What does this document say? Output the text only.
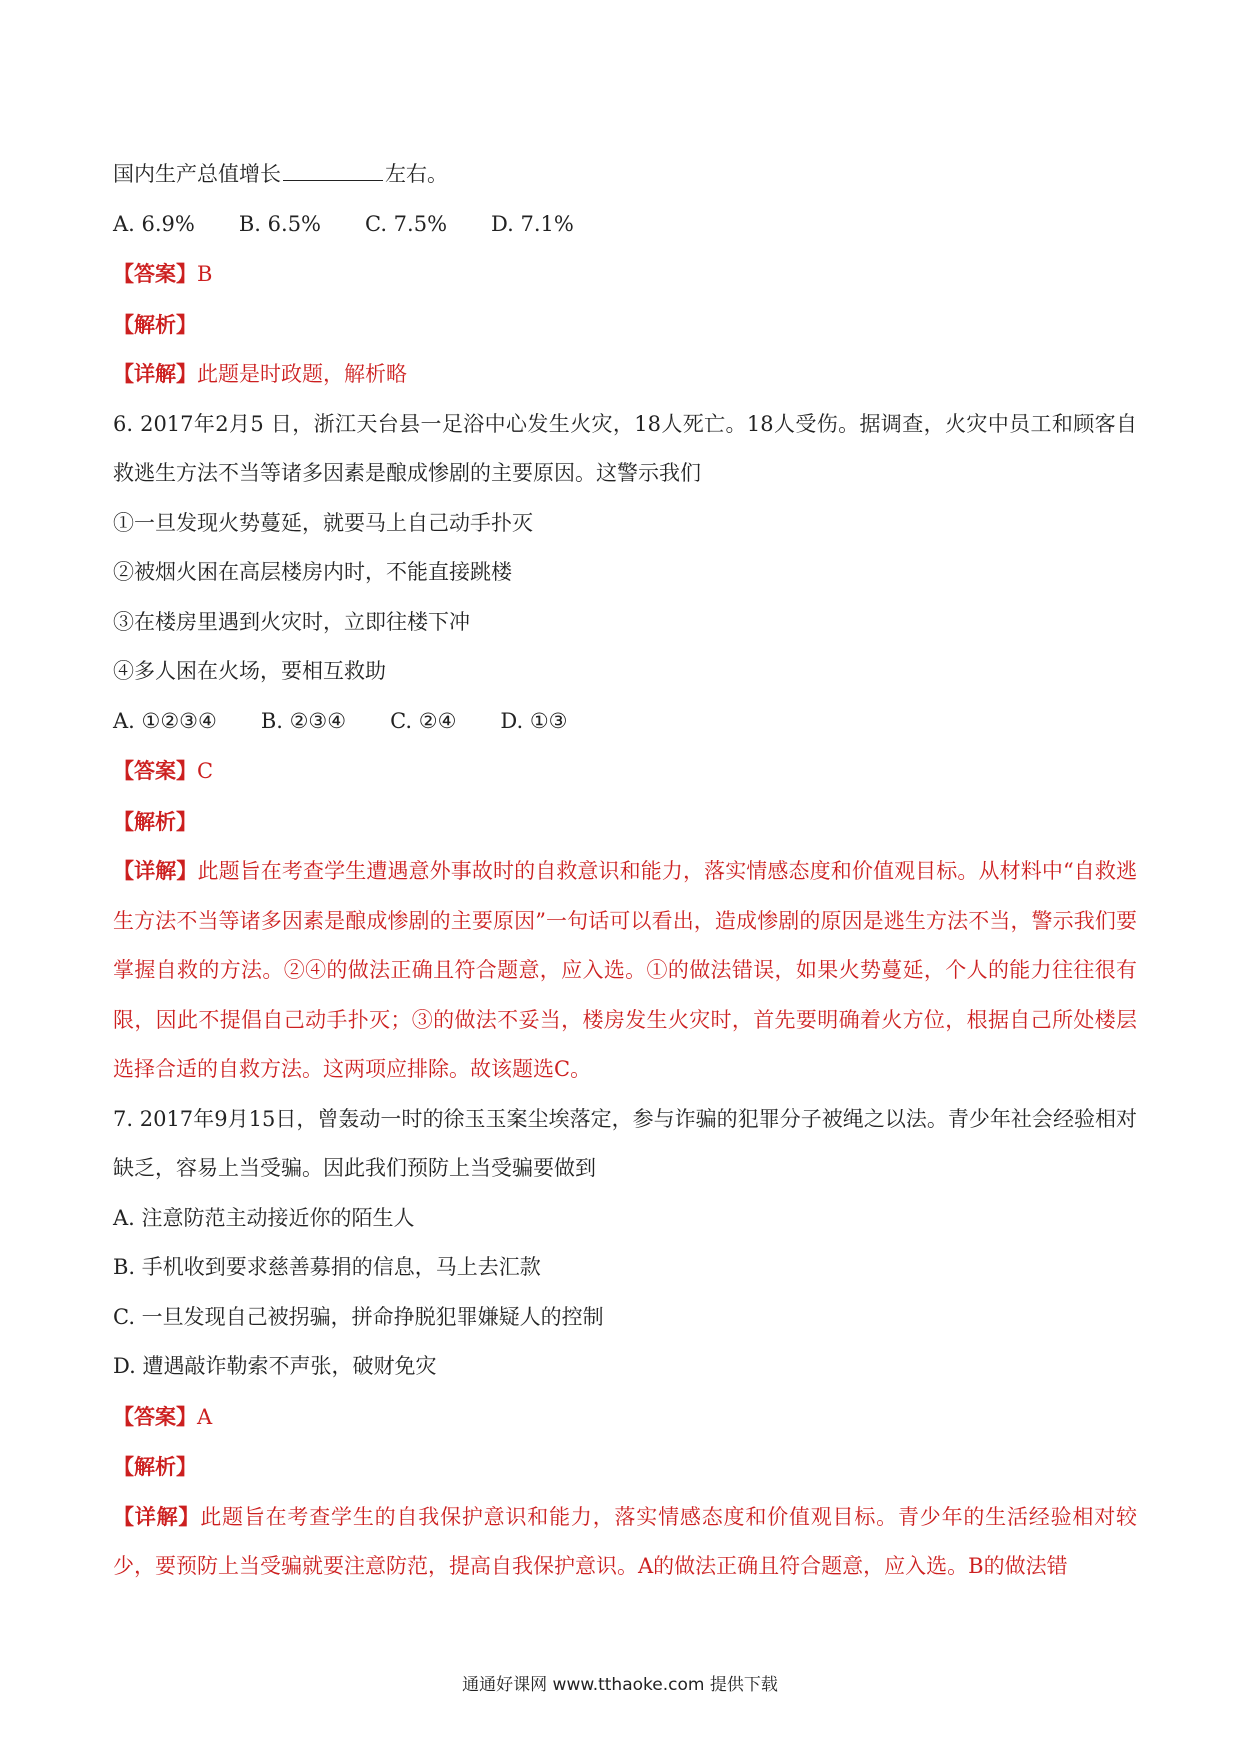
国内生产总值增长	左右。

A. 6.9% B. 6.5% C. 7.5% D. 7.1%

【答案】B

【解析】

【详解】此题是时政题，解析略

6. 2017年2月5 日，浙江天台县一足浴中心发生火灾，18人死亡。18人受伤。据调查，火灾中员工和顾客自救逃生方法不当等诸多因素是酿成惨剧的主要原因。这警示我们

①一旦发现火势蔓延，就要马上自己动手扑灭

②被烟火困在高层楼房内时，不能直接跳楼

③在楼房里遇到火灾时，立即往楼下冲

④多人困在火场，要相互救助

A. ①②③④ B. ②③④ C. ②④ D. ①③

【答案】C

【解析】

【详解】此题旨在考查学生遭遇意外事故时的自救意识和能力，落实情感态度和价值观目标。从材料中“自救逃生方法不当等诸多因素是酿成惨剧的主要原因”一句话可以看出，造成惨剧的原因是逃生方法不当，警示我们要掌握自救的方法。②④的做法正确且符合题意，应入选。①的做法错误，如果火势蔓延，个人的能力往往很有限，因此不提倡自己动手扑灭；③的做法不妥当，楼房发生火灾时，首先要明确着火方位，根据自己所处楼层选择合适的自救方法。这两项应排除。故该题选C。

7. 2017年9月15日，曾轰动一时的徐玉玉案尘埃落定，参与诈骗的犯罪分子被绳之以法。青少年社会经验相对缺乏，容易上当受骗。因此我们预防上当受骗要做到

A. 注意防范主动接近你的陌生人

B. 手机收到要求慈善募捐的信息，马上去汇款

C. 一旦发现自己被拐骗，拼命挣脱犯罪嫌疑人的控制

D. 遭遇敲诈勒索不声张，破财免灾

【答案】A

【解析】

【详解】此题旨在考查学生的自我保护意识和能力，落实情感态度和价值观目标。青少年的生活经验相对较少，要预防上当受骗就要注意防范，提高自我保护意识。A的做法正确且符合题意，应入选。B的做法错

通通好课网 www.tthaoke.com 提供下载
